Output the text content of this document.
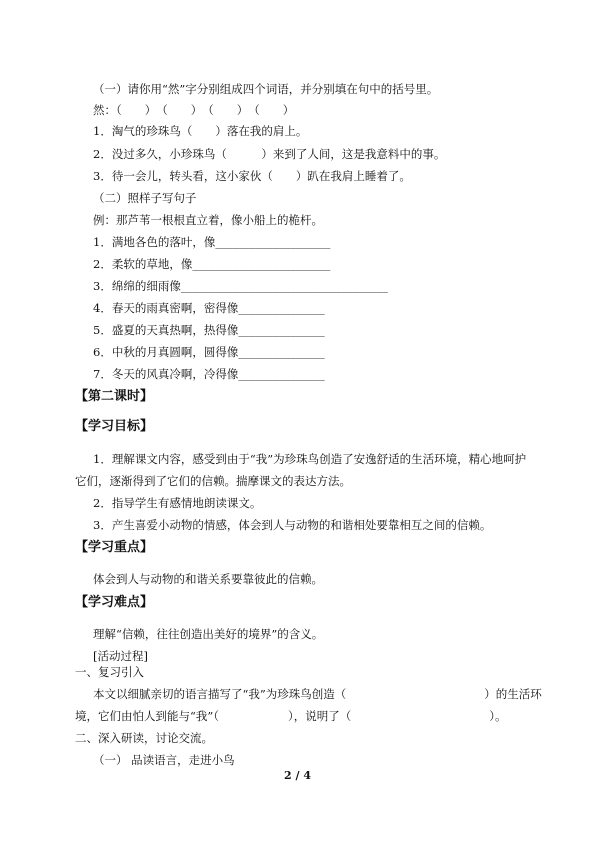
（一）请你用“然”字分别组成四个词语，并分别填在句中的括号里。
然：（　　）　（　　）　（　　）　（　　）
1．淘气的珍珠鸟（　　）落在我的肩上。
2．没过多久，小珍珠鸟（　　　）来到了人间，这是我意料中的事。
3．待一会儿，转头看，这小家伙（　　）趴在我肩上睡着了。
（二）照样子写句子
例：那芦苇一根根直立着，像小船上的桅杆。
1．满地各色的落叶，像____________________
2．柔软的草地，像________________________
3．绵绵的细雨像____________________________________
4．春天的雨真密啊，密得像_______________
5．盛夏的天真热啊，热得像_______________
6．中秋的月真圆啊，圆得像_______________
7．冬天的风真冷啊，冷得像_______________
【第二课时】
【学习目标】
1．理解课文内容，感受到由于“我”为珍珠鸟创造了安逸舒适的生活环境，精心地呵护
它们，逐渐得到了它们的信赖。揣摩课文的表达方法。
2．指导学生有感情地朗读课文。
3．产生喜爱小动物的情感，体会到人与动物的和谐相处要靠相互之间的信赖。
【学习重点】
体会到人与动物的和谐关系要靠彼此的信赖。
【学习难点】
理解“信赖，往往创造出美好的境界”的含义。
[活动过程]
一、复习引入
本文以细腻亲切的语言描写了“我”为珍珠鸟创造（　　　　　　　　　　　　）的生活环
境，它们由怕人到能与“我”（　　　　　　），说明了（　　　　　　　　　　　　）。
二、深入研读，讨论交流。
（一） 品读语言，走进小鸟
2 / 4
